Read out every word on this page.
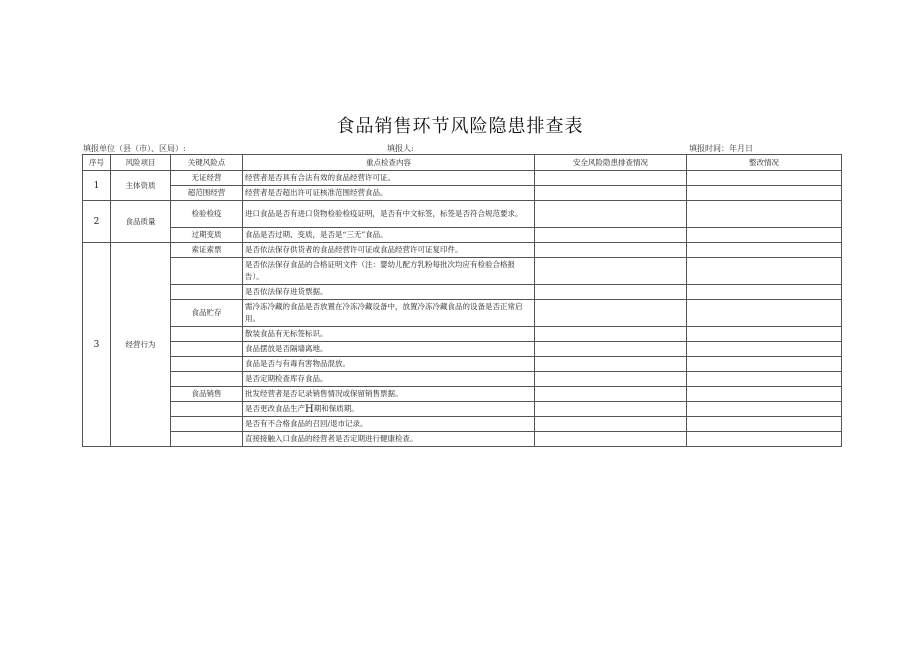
食品销售环节风险隐患排查表
填报单位（县（市）、区局）:	填报人:	填报时间：年月日
序号	风险项目	关键风险点	重点检查内容	安全风险隐患排查情况	整改情况
1	主体资质	无证经营	经营者是否具有合法有效的食品经营许可证。		
		超范围经营	经营者是否超出许可证核准范围经营食品。		
2	食品质量	检验检疫	进口食品是否有进口货物检验检疫证明，是否有中文标签，标签是否符合规范要求。		
		过期变质	食品是否过期、变质，是否是“三无”食品。		
3	经营行为	索证索票	是否依法保存供货者的食品经营许可证或食品经营许可证复印件。		
			是否依法保存食品的合格证明文件（注：婴幼儿配方乳粉每批次均应有检验合格报告）。		
			是否依法保存进货票据。		
		食品贮存	需冷冻冷藏的食品是否放置在冷冻冷藏设备中，放置冷冻冷藏食品的设备是否正常启用。		
			散装食品有无标签标识。		
			食品摆放是否隔墙离地。		
			食品是否与有毒有害物品混放。		
			是否定期检查库存食品。		
		食品销售	批发经营者是否记录销售情况或保留销售票据。		
			是否更改食品生产H期和保质期。		
			是否有不合格食品的召回/退市记录。		
			直接接触入口食品的经营者是否定期进行健康检查。		
